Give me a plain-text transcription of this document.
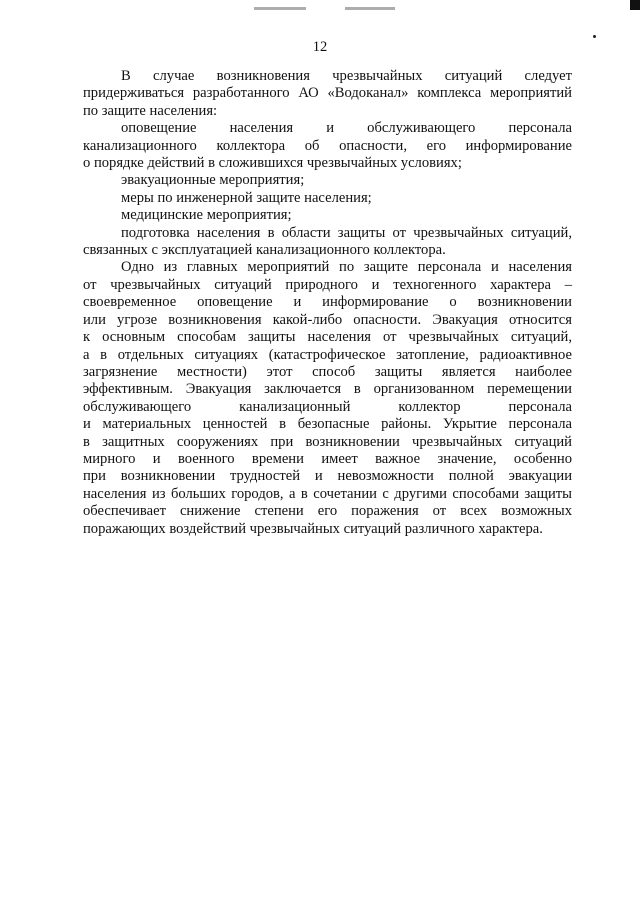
12
В случае возникновения чрезвычайных ситуаций следует
придерживаться разработанного АО «Водоканал» комплекса мероприятий
по защите населения:
оповещение населения и обслуживающего персонала
канализационного коллектора об опасности, его информирование
о порядке действий в сложившихся чрезвычайных условиях;
эвакуационные мероприятия;
меры по инженерной защите населения;
медицинские мероприятия;
подготовка населения в области защиты от чрезвычайных ситуаций,
связанных с эксплуатацией канализационного коллектора.
Одно из главных мероприятий по защите персонала и населения
от чрезвычайных ситуаций природного и техногенного характера –
своевременное оповещение и информирование о возникновении
или угрозе возникновения какой-либо опасности. Эвакуация относится
к основным способам защиты населения от чрезвычайных ситуаций,
а в отдельных ситуациях (катастрофическое затопление, радиоактивное
загрязнение местности) этот способ защиты является наиболее
эффективным. Эвакуация заключается в организованном перемещении
обслуживающего канализационный коллектор персонала
и материальных ценностей в безопасные районы. Укрытие персонала
в защитных сооружениях при возникновении чрезвычайных ситуаций
мирного и военного времени имеет важное значение, особенно
при возникновении трудностей и невозможности полной эвакуации
населения из больших городов, а в сочетании с другими способами защиты
обеспечивает снижение степени его поражения от всех возможных
поражающих воздействий чрезвычайных ситуаций различного характера.
